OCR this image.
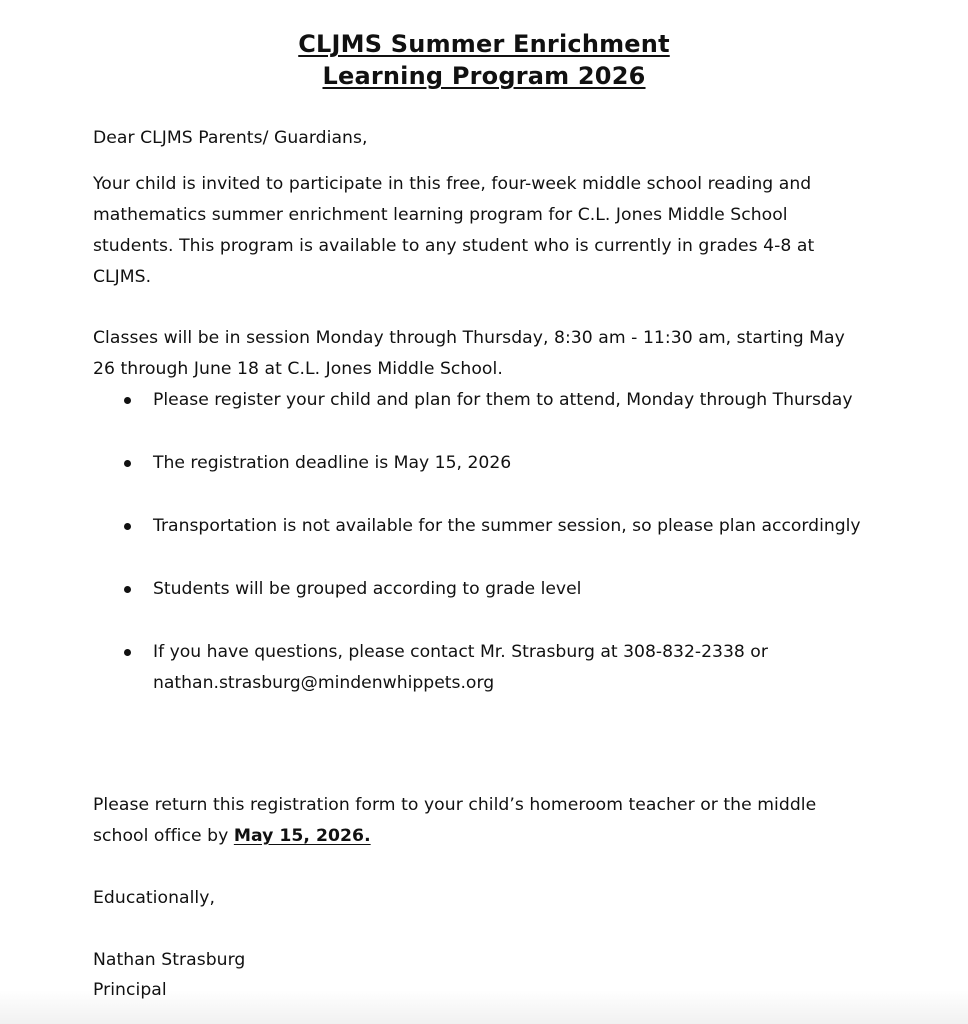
CLJMS Summer Enrichment
Learning Program 2026
Dear CLJMS Parents/ Guardians,
Your child is invited to participate in this free, four-week middle school reading and mathematics summer enrichment learning program for C.L. Jones Middle School students. This program is available to any student who is currently in grades 4-8 at CLJMS.
Classes will be in session Monday through Thursday, 8:30 am - 11:30 am, starting May 26 through June 18 at C.L. Jones Middle School.
Please register your child and plan for them to attend, Monday through Thursday
The registration deadline is May 15, 2026
Transportation is not available for the summer session, so please plan accordingly
Students will be grouped according to grade level
If you have questions, please contact Mr. Strasburg at 308-832-2338 or nathan.strasburg@mindenwhippets.org
Please return this registration form to your child’s homeroom teacher or the middle school office by May 15, 2026.
Educationally,
Nathan Strasburg
Principal
